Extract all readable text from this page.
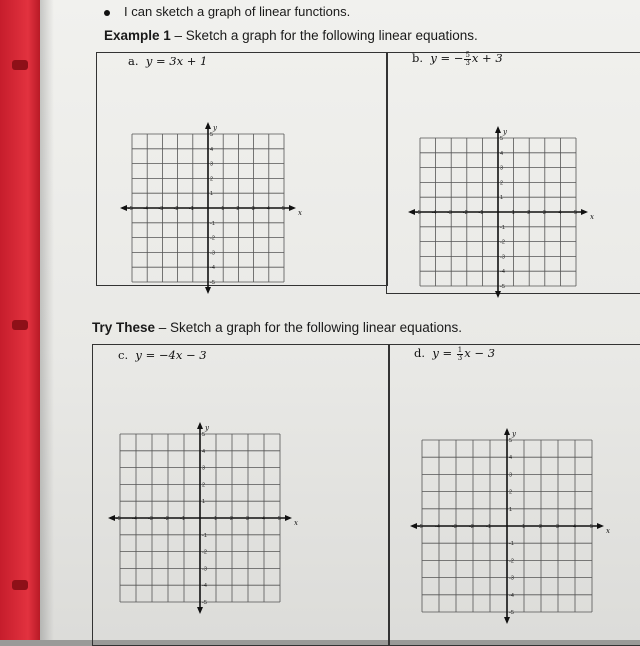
I can sketch a graph of linear functions.
Example 1 – Sketch a graph for the following linear equations.
Try These – Sketch a graph for the following linear equations.
a. y = 3x + 1	b. y = − $\frac{5}{3}$ x + 3
c. y = −4x − 3	d. $y = \frac{1}{3}$ x − 3
x
y
-5 -4 -3 -2 -1	1 2 3 4 5
5
4
3
2
1
-1
-2
-3
-4
-5
x
y
-5 -4 -3 -2 -1	1 2 3 4 5
5
4
3
2
1
-1
-2
-3
-4
-5
x
y
-5 -4 -3 -2 -1	1 2 3 4 5
5
4
3
2
1
-1
-2
-3
-4
-5
x
y
-5 -4 -3 -2 -1	1	2	3	4	5
5
4
3
2
1
-1
-2
-3
-4
-5
